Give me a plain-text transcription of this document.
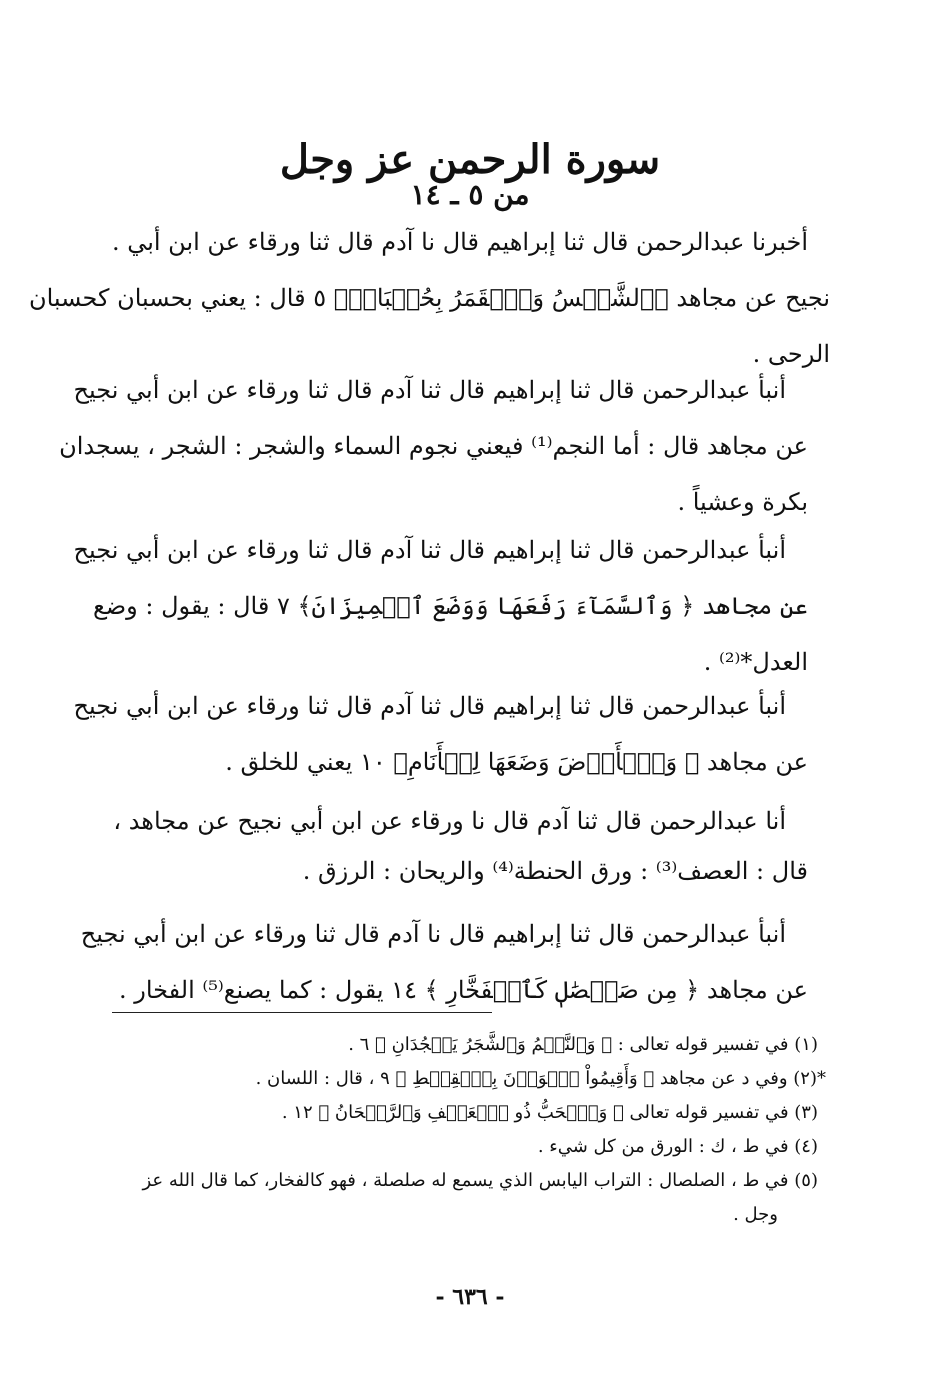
سورة الرحمن عز وجل
من ٥ ـ ١٤

أخبرنا عبدالرحمن قال ثنا إبراهيم قال نا آدم قال ثنا ورقاء عن ابن أبي .
نجيح عن مجاهد ﴿ٱلشَّمۡسُ وَٱلۡقَمَرُ بِحُسۡبَانٖ﴾ ٥ قال : يعني بحسبان كحسبان
الرحى .

أنبأ عبدالرحمن قال ثنا إبراهيم قال ثنا آدم قال ثنا ورقاء عن ابن أبي نجيح
عن مجاهد قال : أما النجم⁽¹⁾ فيعني نجوم السماء والشجر : الشجر ، يسجدان
بكرة وعشياً .

أنبأ عبدالرحمن قال ثنا إبراهيم قال ثنا آدم قال ثنا ورقاء عن ابن أبي نجيح
عن مجاهد ﴿ وَٱلسَّمَآءَ رَفَعَهَا وَوَضَعَ ٱلۡمِيزَانَ﴾ ٧ قال : يقول : وضع
العدل*⁽²⁾ .

أنبأ عبدالرحمن قال ثنا إبراهيم قال ثنا آدم قال ثنا ورقاء عن ابن أبي نجيح
عن مجاهد ﴿ وَٱلۡأَرۡضَ وَضَعَهَا لِلۡأَنَامِ﴾ ١٠ يعني للخلق .

أنا عبدالرحمن قال ثنا آدم قال نا ورقاء عن ابن أبي نجيح عن مجاهد ،
قال : العصف⁽³⁾ : ورق الحنطة⁽⁴⁾ والريحان : الرزق .

أنبأ عبدالرحمن قال ثنا إبراهيم قال نا آدم قال ثنا ورقاء عن ابن أبي نجيح
عن مجاهد ﴿ مِن صَلۡصَٰلٖ كَٱلۡفَخَّارِ ﴾ ١٤ يقول : كما يصنع⁽⁵⁾ الفخار .

(١) في تفسير قوله تعالى : ﴿ وَٱلنَّجۡمُ وَٱلشَّجَرُ يَسۡجُدَانِ ﴾ ٦ .
*(٢) وفي د عن مجاهد ﴿ وَأَقِيمُواْ ٱلۡوَزۡنَ بِٱلۡقِسۡطِ ﴾ ٩ ، قال : اللسان .
(٣) في تفسير قوله تعالى ﴿ وَٱلۡحَبُّ ذُو ٱلۡعَصۡفِ وَٱلرَّيۡحَانُ ﴾ ١٢ .
(٤) في ط ، ك : الورق من كل شيء .
(٥) في ط ، الصلصال : التراب اليابس الذي يسمع له صلصلة ، فهو كالفخار، كما قال الله عز
وجل .
- ٦٣٦ -
